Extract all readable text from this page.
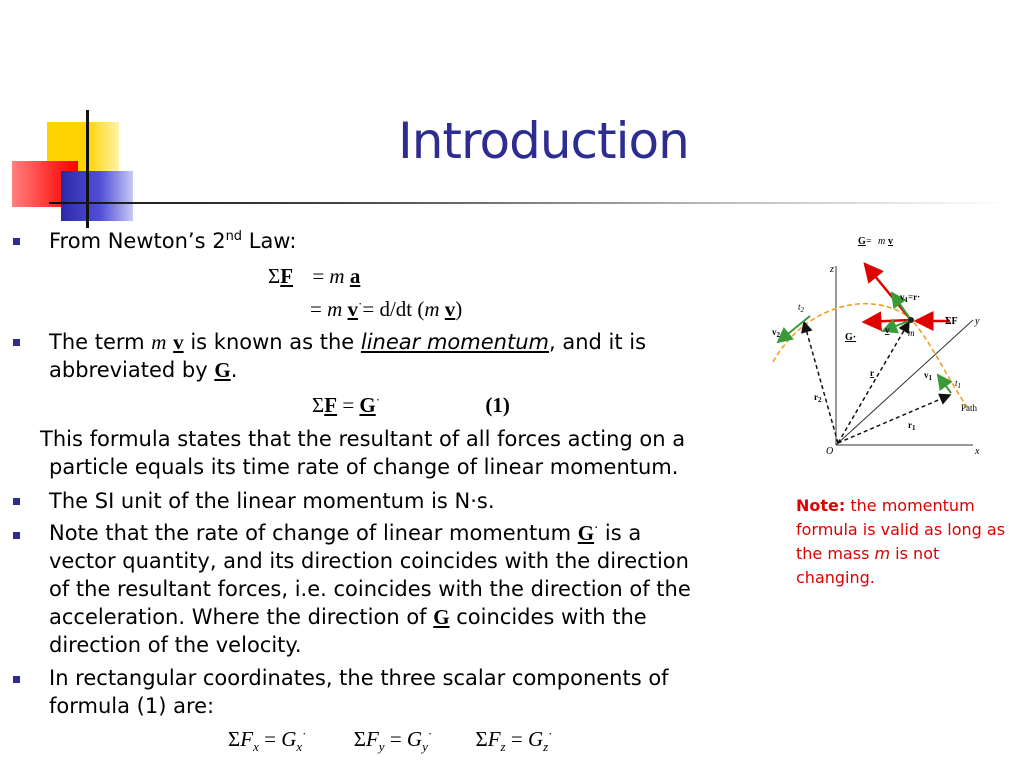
Introduction
From Newton’s 2nd Law:
ΣF = m a
= m v·= d/dt (m v)
The term m v is known as the linear momentum, and it is
abbreviated by G.
ΣF = G·	(1)
This formula states that the resultant of all forces acting on a
particle equals its time rate of change of linear momentum.
The SI unit of the linear momentum is N·s.
Note that the rate of change of linear momentum G· is a
vector quantity, and its direction coincides with the direction
of the resultant forces, i.e. coincides with the direction of the
acceleration. Where the direction of G coincides with the
direction of the velocity.
In rectangular coordinates, the three scalar components of
formula (1) are:
$\Sigma F_x = G_x^\cdot$ $\Sigma F_y = G_y^\cdot$ $\Sigma F_z = G_z^\cdot$
Note: the momentum formula is valid as long as the mass m is not changing.
G = m v
z
y
x
O
$t_2$
$t_1$
$v_2$
$v_1$
v
G·
ΣF
m
r
$r_1$
$r_2$
$v_1=r\cdot$
Path
